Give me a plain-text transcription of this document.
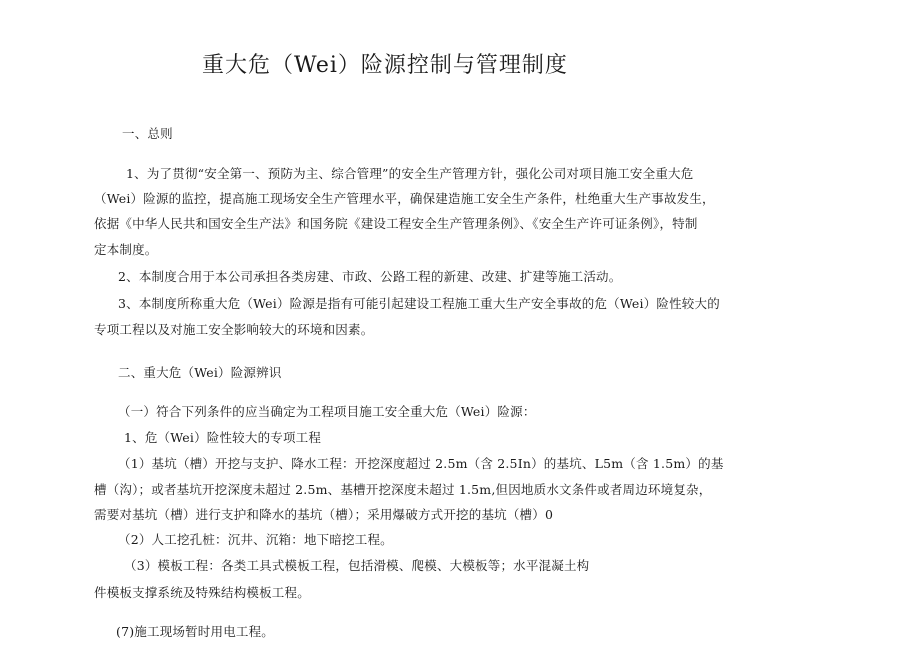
重大危（Wei）险源控制与管理制度
一、总则
1、为了贯彻“安全第一、预防为主、综合管理”的安全生产管理方针，强化公司对项目施工安全重大危
（Wei）险源的监控，提高施工现场安全生产管理水平，确保建造施工安全生产条件，杜绝重大生产事故发生，
依据《中华人民共和国安全生产法》和国务院《建设工程安全生产管理条例》、《安全生产许可证条例》，特制
定本制度。
2、本制度合用于本公司承担各类房建、市政、公路工程的新建、改建、扩建等施工活动。
3、本制度所称重大危（Wei）险源是指有可能引起建设工程施工重大生产安全事故的危（Wei）险性较大的
专项工程以及对施工安全影响较大的环境和因素。
二、重大危（Wei）险源辨识
（一）符合下列条件的应当确定为工程项目施工安全重大危（Wei）险源：
1、危（Wei）险性较大的专项工程
（1）基坑（槽）开挖与支护、降水工程：开挖深度超过 2.5m（含 2.5In）的基坑、L5m（含 1.5m）的基
槽（沟）；或者基坑开挖深度未超过 2.5m、基槽开挖深度未超过 1.5m,但因地质水文条件或者周边环境复杂，
需要对基坑（槽）进行支护和降水的基坑（槽）；采用爆破方式开挖的基坑（槽）0
（2）人工挖孔桩：沉井、沉箱：地下暗挖工程。
（3）模板工程：各类工具式模板工程，包括滑模、爬模、大模板等；水平混凝土构
件模板支撑系统及特殊结构模板工程。
(7)施工现场暂时用电工程。
